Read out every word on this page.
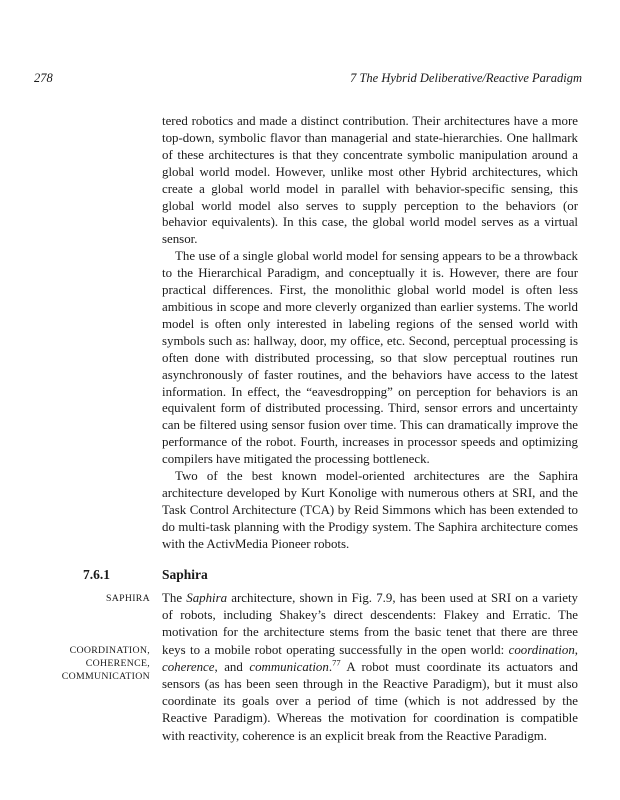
278	7 The Hybrid Deliberative/Reactive Paradigm

tered robotics and made a distinct contribution. Their architectures have a more top-down, symbolic flavor than managerial and state-hierarchies. One hallmark of these architectures is that they concentrate symbolic manipulation around a global world model. However, unlike most other Hybrid architectures, which create a global world model in parallel with behavior-specific sensing, this global world model also serves to supply perception to the behaviors (or behavior equivalents). In this case, the global world model serves as a virtual sensor.

The use of a single global world model for sensing appears to be a throwback to the Hierarchical Paradigm, and conceptually it is. However, there are four practical differences. First, the monolithic global world model is often less ambitious in scope and more cleverly organized than earlier systems. The world model is often only interested in labeling regions of the sensed world with symbols such as: hallway, door, my office, etc. Second, perceptual processing is often done with distributed processing, so that slow perceptual routines run asynchronously of faster routines, and the behaviors have access to the latest information. In effect, the “eavesdropping” on perception for behaviors is an equivalent form of distributed processing. Third, sensor errors and uncertainty can be filtered using sensor fusion over time. This can dramatically improve the performance of the robot. Fourth, increases in processor speeds and optimizing compilers have mitigated the processing bottleneck.

Two of the best known model-oriented architectures are the Saphira architecture developed by Kurt Konolige with numerous others at SRI, and the Task Control Architecture (TCA) by Reid Simmons which has been extended to do multi-task planning with the Prodigy system. The Saphira architecture comes with the ActivMedia Pioneer robots.

7.6.1	Saphira
SAPHIRA
COORDINATION,
COHERENCE,
COMMUNICATION

The Saphira architecture, shown in Fig. 7.9, has been used at SRI on a variety of robots, including Shakey’s direct descendents: Flakey and Erratic. The motivation for the architecture stems from the basic tenet that there are three keys to a mobile robot operating successfully in the open world: coordination, coherence, and communication.$^{77}$ A robot must coordinate its actuators and sensors (as has been seen through in the Reactive Paradigm), but it must also coordinate its goals over a period of time (which is not addressed by the Reactive Paradigm). Whereas the motivation for coordination is compatible with reactivity, coherence is an explicit break from the Reactive Paradigm.
